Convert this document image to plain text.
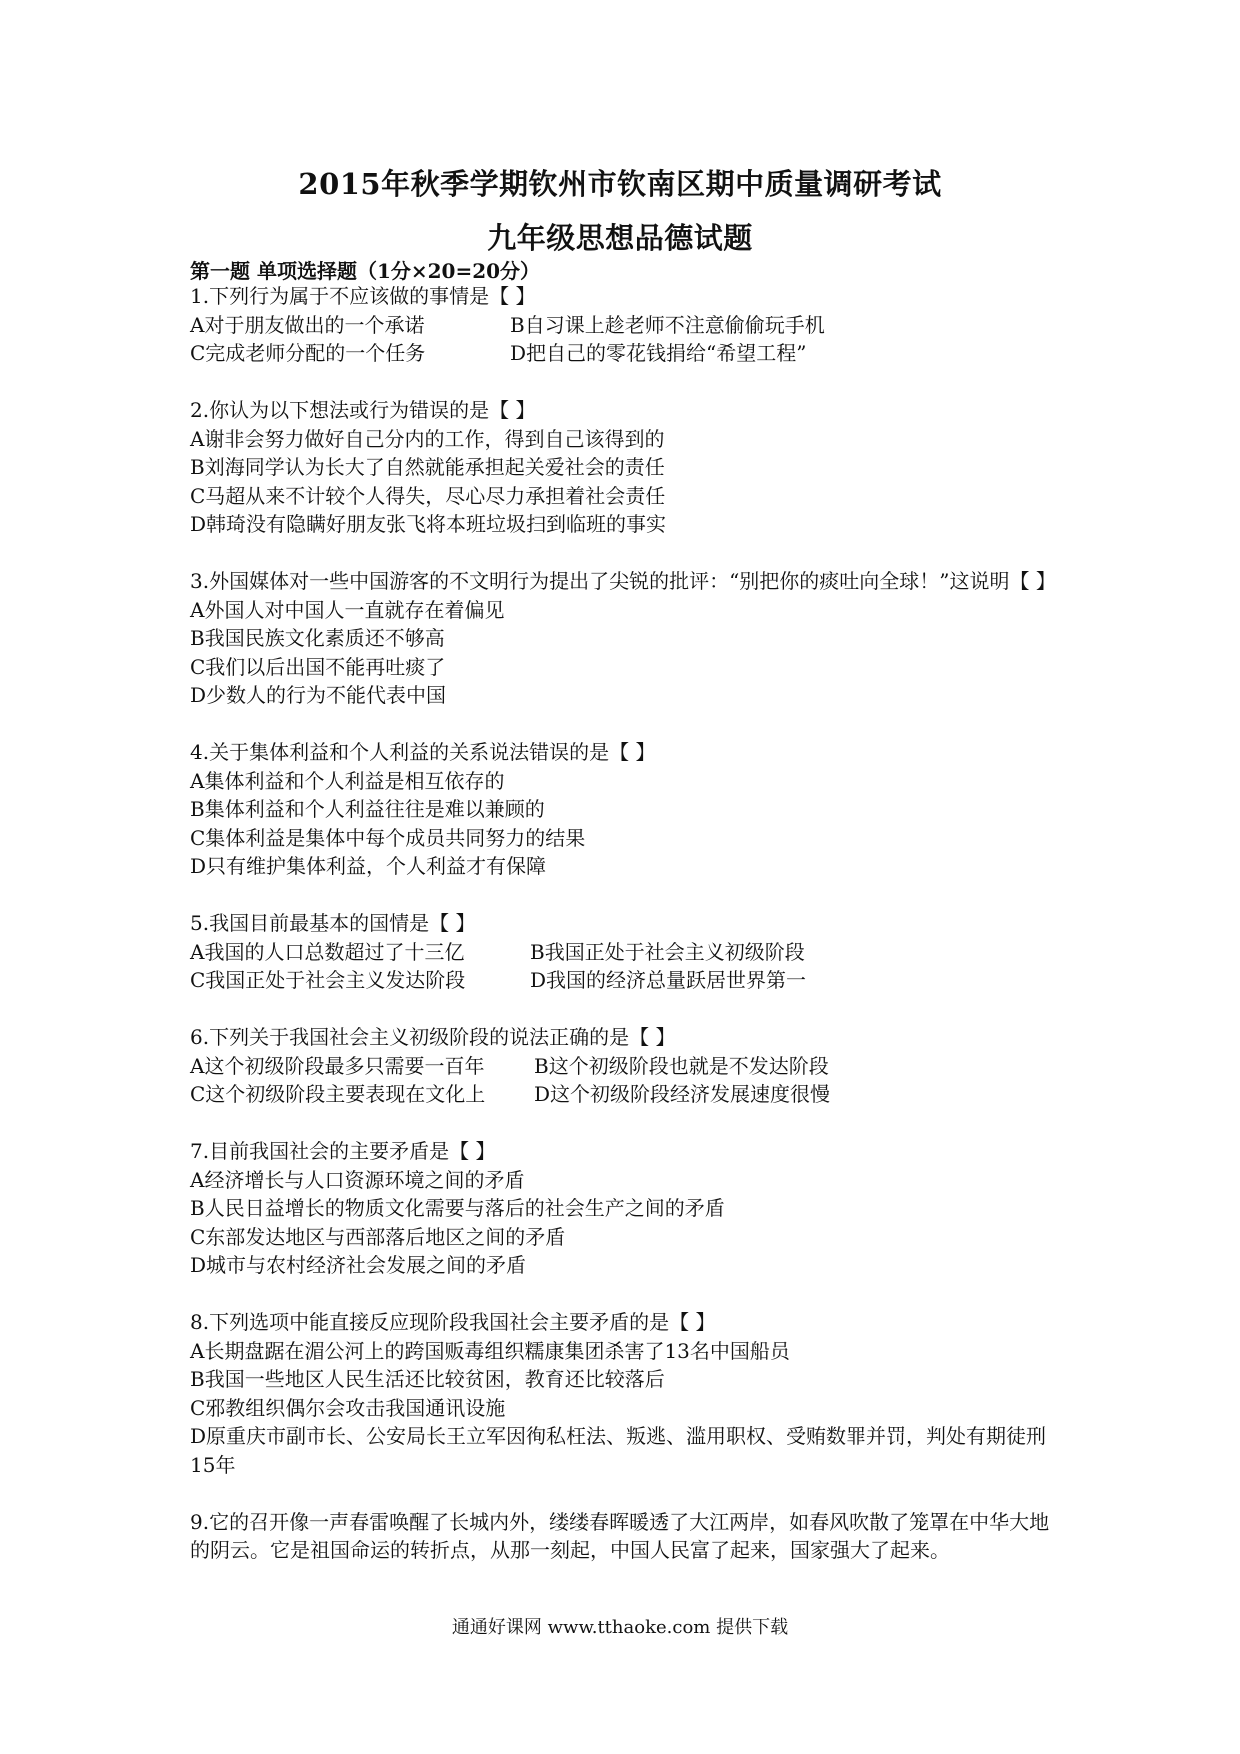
2015年秋季学期钦州市钦南区期中质量调研考试
九年级思想品德试题
第一题 单项选择题（1分×20=20分）
1.下列行为属于不应该做的事情是【 】
A对于朋友做出的一个承诺	B自习课上趁老师不注意偷偷玩手机
C完成老师分配的一个任务	D把自己的零花钱捐给“希望工程”
2.你认为以下想法或行为错误的是【 】
A谢非会努力做好自己分内的工作，得到自己该得到的
B刘海同学认为长大了自然就能承担起关爱社会的责任
C马超从来不计较个人得失，尽心尽力承担着社会责任
D韩琦没有隐瞒好朋友张飞将本班垃圾扫到临班的事实
3.外国媒体对一些中国游客的不文明行为提出了尖锐的批评：“别把你的痰吐向全球！”这说明【 】
A外国人对中国人一直就存在着偏见
B我国民族文化素质还不够高
C我们以后出国不能再吐痰了
D少数人的行为不能代表中国
4.关于集体利益和个人利益的关系说法错误的是【 】
A集体利益和个人利益是相互依存的
B集体利益和个人利益往往是难以兼顾的
C集体利益是集体中每个成员共同努力的结果
D只有维护集体利益，个人利益才有保障
5.我国目前最基本的国情是【 】
A我国的人口总数超过了十三亿	B我国正处于社会主义初级阶段
C我国正处于社会主义发达阶段	D我国的经济总量跃居世界第一
6.下列关于我国社会主义初级阶段的说法正确的是【 】
A这个初级阶段最多只需要一百年	B这个初级阶段也就是不发达阶段
C这个初级阶段主要表现在文化上	D这个初级阶段经济发展速度很慢
7.目前我国社会的主要矛盾是【 】
A经济增长与人口资源环境之间的矛盾
B人民日益增长的物质文化需要与落后的社会生产之间的矛盾
C东部发达地区与西部落后地区之间的矛盾
D城市与农村经济社会发展之间的矛盾
8.下列选项中能直接反应现阶段我国社会主要矛盾的是【 】
A长期盘踞在湄公河上的跨国贩毒组织糯康集团杀害了13名中国船员
B我国一些地区人民生活还比较贫困，教育还比较落后
C邪教组织偶尔会攻击我国通讯设施
D原重庆市副市长、公安局长王立军因徇私枉法、叛逃、滥用职权、受贿数罪并罚，判处有期徒刑15年
9.它的召开像一声春雷唤醒了长城内外，缕缕春晖暖透了大江两岸，如春风吹散了笼罩在中华大地的阴云。它是祖国命运的转折点，从那一刻起，中国人民富了起来，国家强大了起来。
通通好课网 www.tthaoke.com 提供下载
